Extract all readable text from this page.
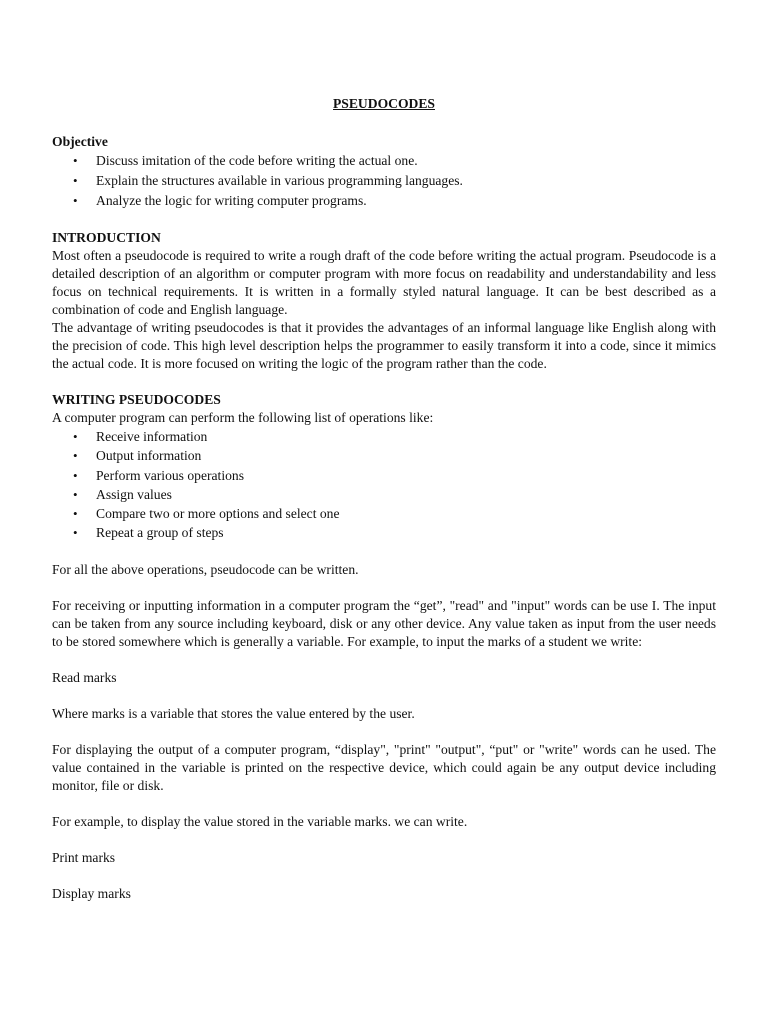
PSEUDOCODES
Objective
• Discuss imitation of the code before writing the actual one.
• Explain the structures available in various programming languages.
• Analyze the logic for writing computer programs.
INTRODUCTION

Most often a pseudocode is required to write a rough draft of the code before writing the actual program. Pseudocode is a detailed description of an algorithm or computer program with more focus on readability and understandability and less focus on technical requirements. It is written in a formally styled natural language. It can be best described as a combination of code and English language.

The advantage of writing pseudocodes is that it provides the advantages of an informal language like English along with the precision of code. This high level description helps the programmer to easily transform it into a code, since it mimics the actual code. It is more focused on writing the logic of the program rather than the code.

WRITING PSEUDOCODES

A computer program can perform the following list of operations like:

• Receive information
• Output information
• Perform various operations
• Assign values
• Compare two or more options and select one
• Repeat a group of steps

For all the above operations, pseudocode can be written.

For receiving or inputting information in a computer program the “get”, "read" and "input" words can be use I. The input can be taken from any source including keyboard, disk or any other device. Any value taken as input from the user needs to be stored somewhere which is generally a variable. For example, to input the marks of a student we write:

Read marks

Where marks is a variable that stores the value entered by the user.

For displaying the output of a computer program, “display", "print" "output", “put" or "write" words can he used. The value contained in the variable is printed on the respective device, which could again be any output device including monitor, file or disk.

For example, to display the value stored in the variable marks. we can write.

Print marks

Display marks
